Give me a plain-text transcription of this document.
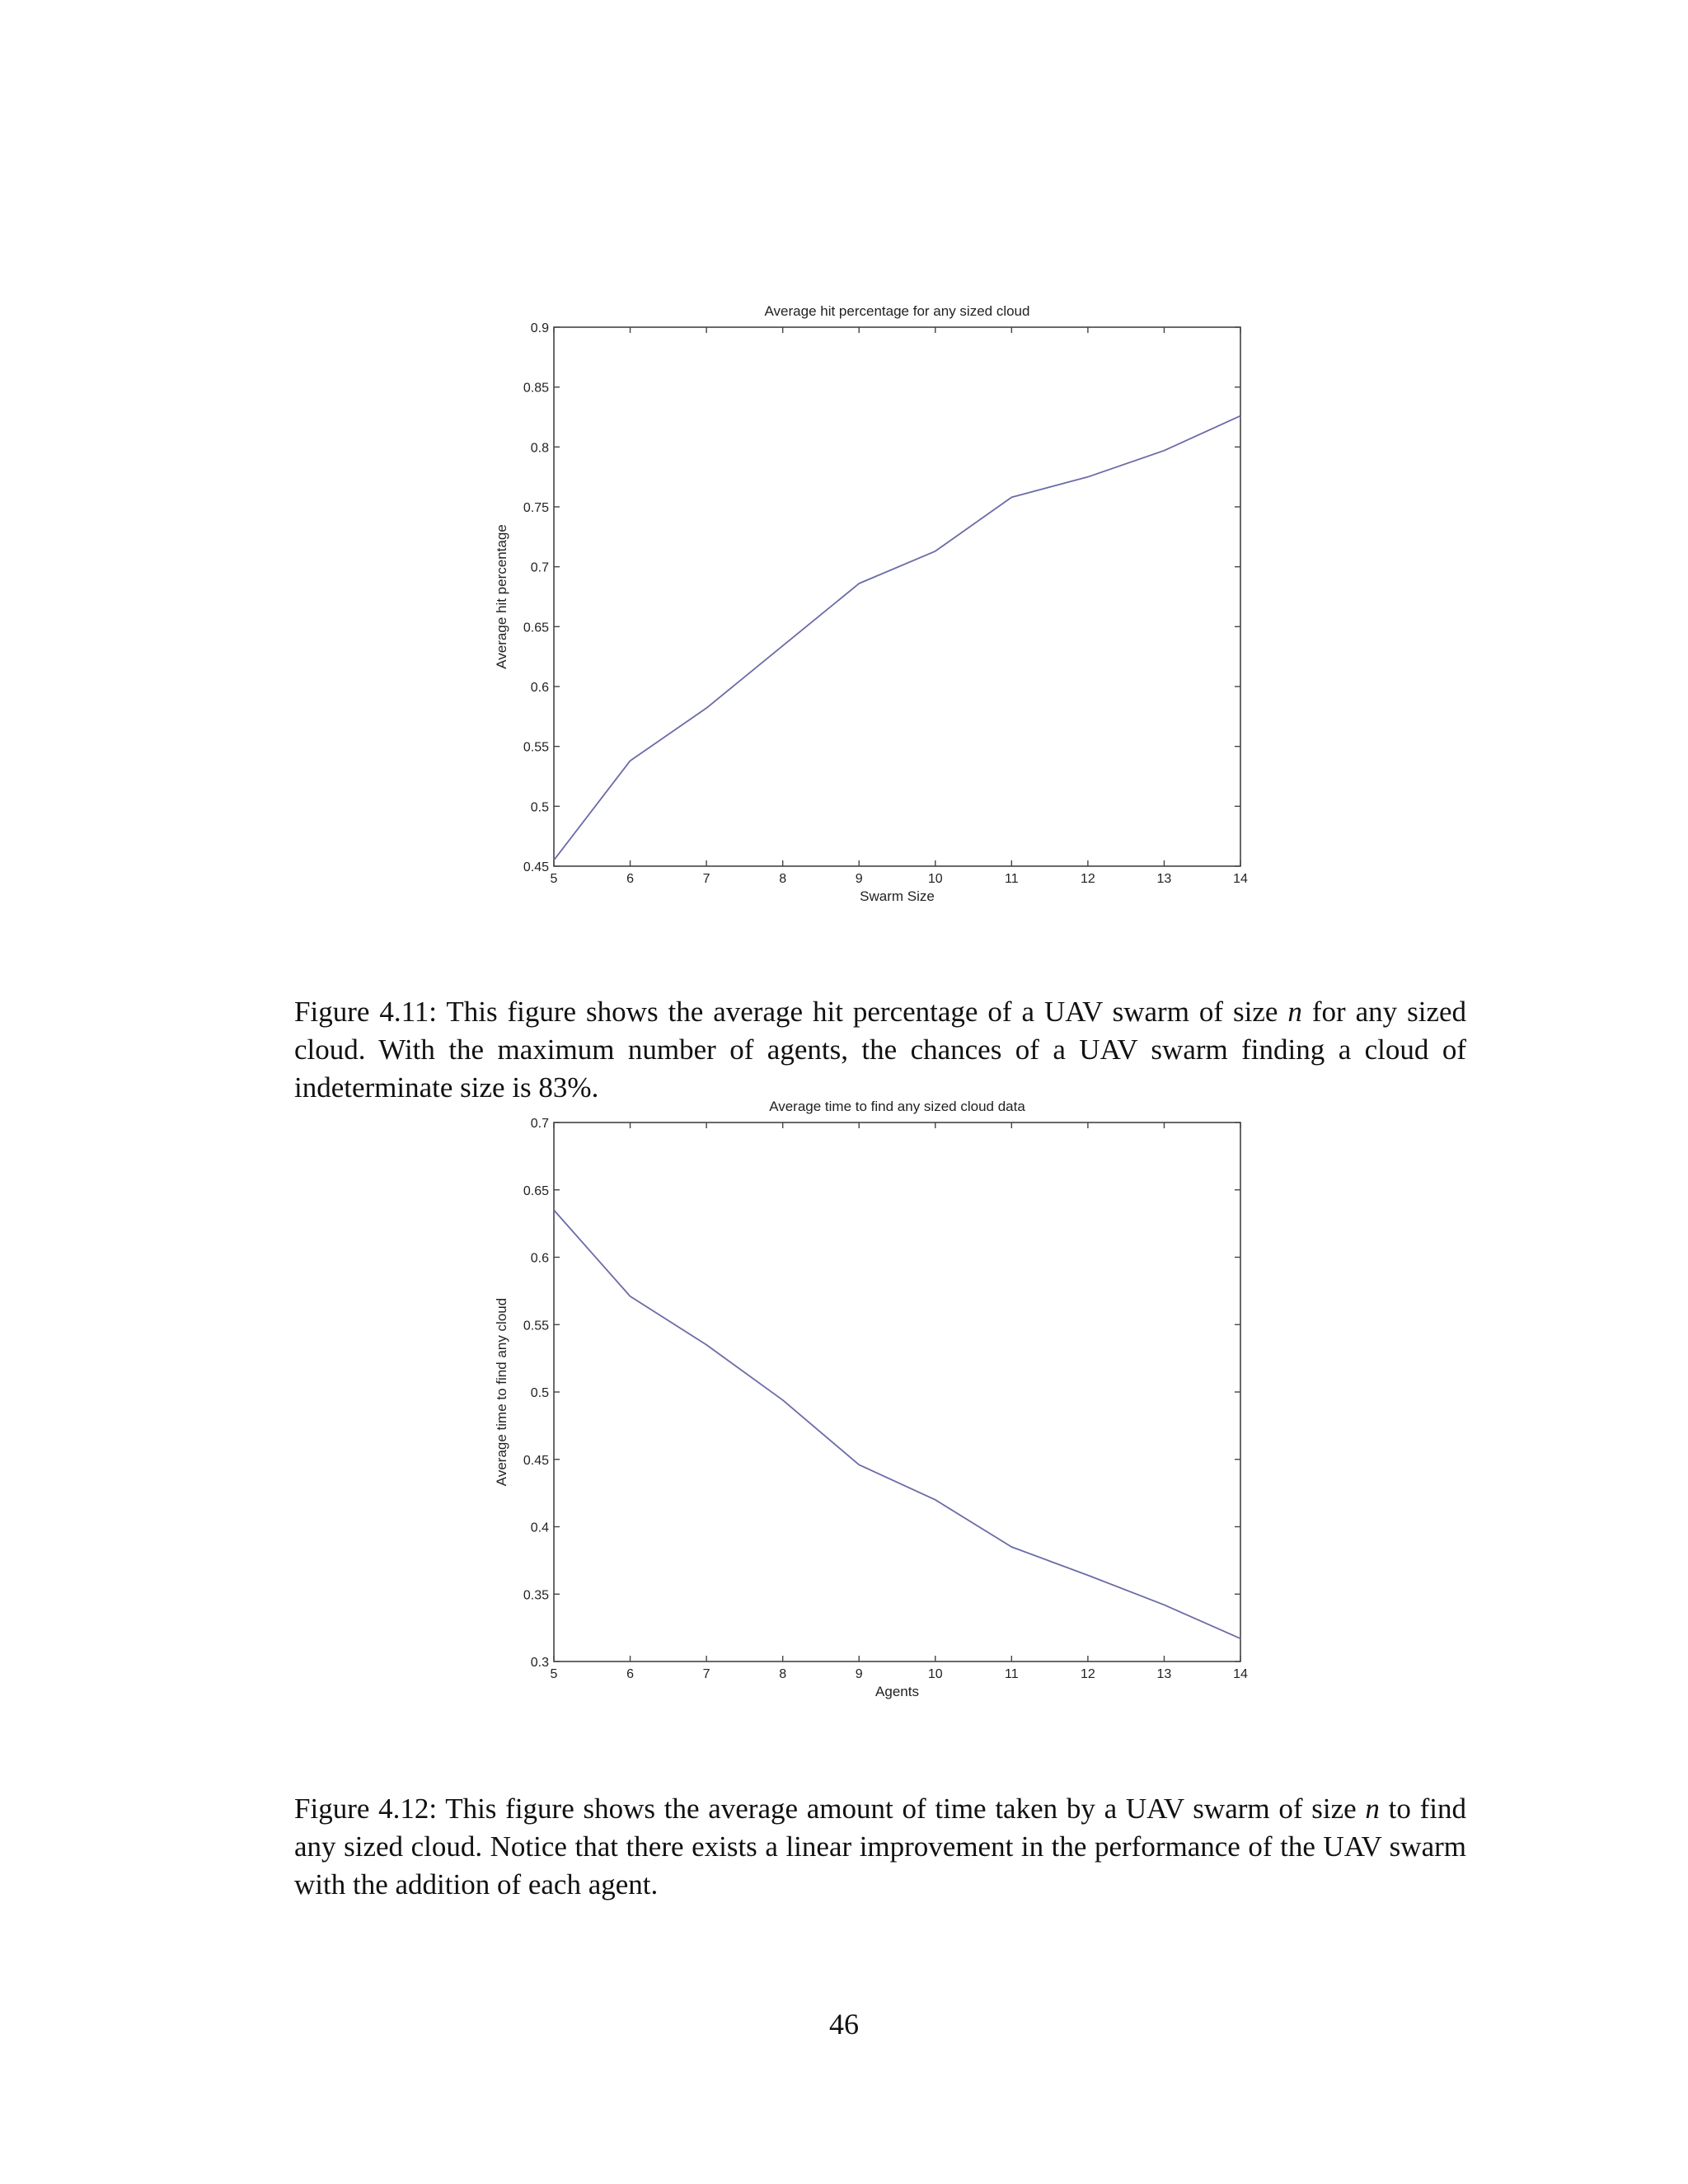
Average hit percentage for any sized cloud
5	6	7	8	9	10	11	12	13	14
0.45
0.5
0.55
0.6
0.65
0.7
0.75
0.8
0.85
0.9
Swarm Size
Average hit percentage

Figure 4.11: This figure shows the average hit percentage of a UAV swarm of size n for any sized cloud. With the maximum number of agents, the chances of a UAV swarm finding a cloud of indeterminate size is 83%.

Average time to find any sized cloud data
5	6	7	8	9	10	11	12	13	14
0.3
0.35
0.4
0.45
0.5
0.55
0.6
0.65
0.7
Agents
Average time to find any cloud

Figure 4.12: This figure shows the average amount of time taken by a UAV swarm of size n to find any sized cloud. Notice that there exists a linear improvement in the performance of the UAV swarm with the addition of each agent.

46
